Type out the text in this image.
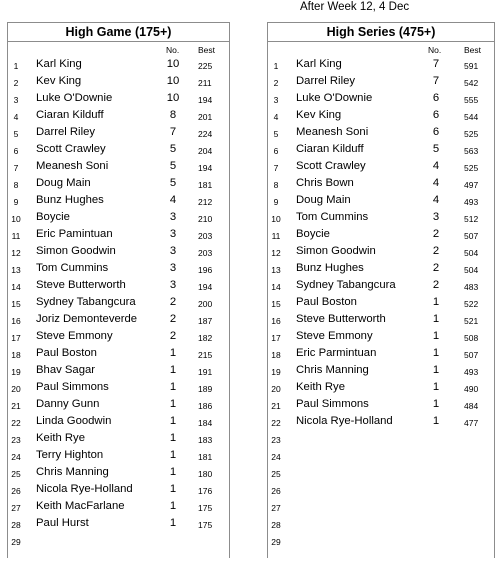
After Week 12, 4 Dec
High Game (175+)
No. Best
1	Karl King	10	225
2	Kev King	10	211
3	Luke O'Downie	10	194
4	Ciaran Kilduff	8	201
5	Darrel Riley	7	224
6	Scott Crawley	5	204
7	Meanesh Soni	5	194
8	Doug Main	5	181
9	Bunz Hughes	4	212
10 Boycie	3	210
11	Eric Pamintuan	3	203
12 Simon Goodwin	3	203
13 Tom Cummins	3	196
14 Steve Butterworth	3	194
15 Sydney Tabangcura	2	200
16 Joriz Demonteverde	2	187
17 Steve Emmony	2	182
18 Paul Boston	1	215
19 Bhav Sagar	1	191
20 Paul Simmons	1	189
21 Danny Gunn	1	186
22 Linda Goodwin	1	184
23 Keith Rye	1	183
24 Terry Highton	1	181
25 Chris Manning	1	180
26 Nicola Rye-Holland	1	176
27 Keith MacFarlane	1	175
28 Paul Hurst	1	175
29
High Series (475+)
No.	Best
1	Karl King	7	591
2	Darrel Riley	7	542
3	Luke O'Downie	6	555
4	Kev King	6	544
5	Meanesh Soni	6	525
6	Ciaran Kilduff	5	563
7	Scott Crawley	4	525
8	Chris Bown	4	497
9	Doug Main	4	493
10 Tom Cummins	3	512
11	Boycie	2	507
12 Simon Goodwin	2	504
13 Bunz Hughes	2	504
14 Sydney Tabangcura	2	483
15 Paul Boston	1	522
16 Steve Butterworth	1	521
17 Steve Emmony	1	508
18 Eric Parmintuan	1	507
19 Chris Manning	1	493
20 Keith Rye	1	490
21 Paul Simmons	1	484
22 Nicola Rye-Holland	1	477
23
24
25
26
27
28
29
